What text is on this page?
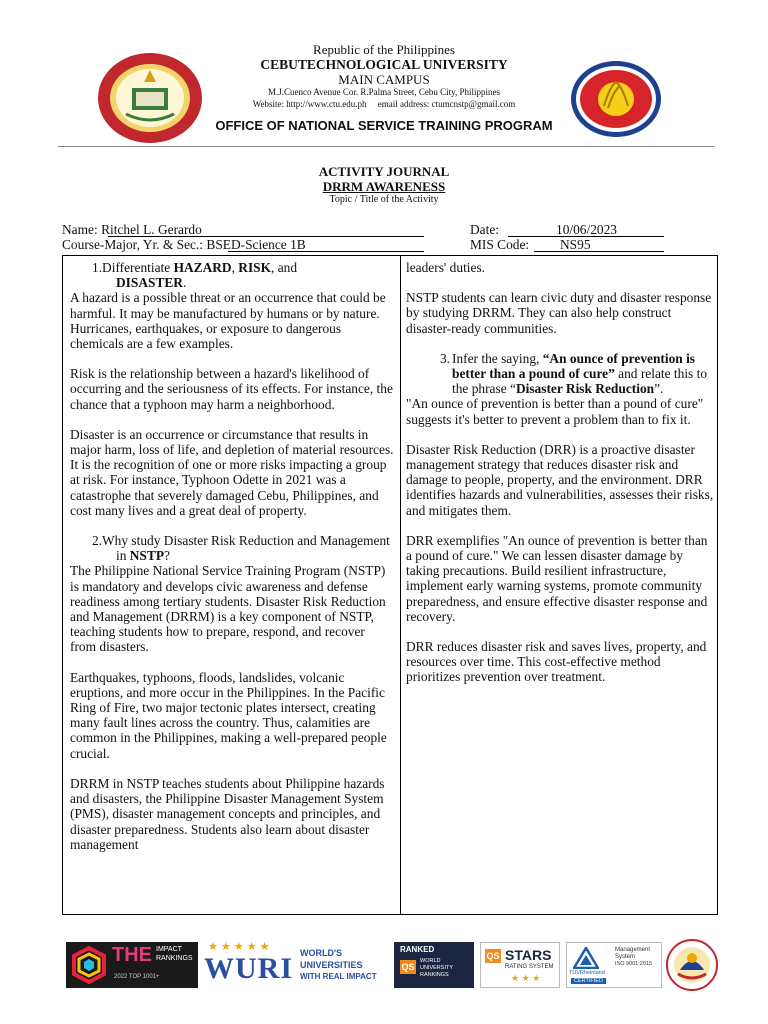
Republic of the Philippines
CEBUTECHNOLOGICAL UNIVERSITY
MAIN CAMPUS
M.J.Cuenco Avenue Cor. R.Palma Street, Cebu City, Philippines
Website: http://www.ctu.edu.ph     email address: ctumcnstp@gmail.com
OFFICE OF NATIONAL SERVICE TRAINING PROGRAM
ACTIVITY JOURNAL
DRRM AWARENESS
Topic / Title of the Activity
Name: Ritchel L. Gerardo
Course-Major, Yr. & Sec.: BSED-Science 1B
Date:	10/06/2023
MIS Code: NS95
1.Differentiate HAZARD, RISK, and
DISASTER.

A hazard is a possible threat or an occurrence that could be harmful. It may be manufactured by humans or by nature. Hurricanes, earthquakes, or exposure to dangerous chemicals are a few examples.

Risk is the relationship between a hazard's likelihood of occurring and the seriousness of its effects. For instance, the chance that a typhoon may harm a neighborhood.

Disaster is an occurrence or circumstance that results in major harm, loss of life, and depletion of material resources. It is the recognition of one or more risks impacting a group at risk. For instance, Typhoon Odette in 2021 was a catastrophe that severely damaged Cebu, Philippines, and cost many lives and a great deal of property.

2.Why study Disaster Risk Reduction and Management in NSTP?

The Philippine National Service Training Program (NSTP) is mandatory and develops civic awareness and defense readiness among tertiary students. Disaster Risk Reduction and Management (DRRM) is a key component of NSTP, teaching students how to prepare, respond, and recover from disasters.

Earthquakes, typhoons, floods, landslides, volcanic eruptions, and more occur in the Philippines. In the Pacific Ring of Fire, two major tectonic plates intersect, creating many fault lines across the country. Thus, calamities are common in the Philippines, making a well-prepared people crucial.

DRRM in NSTP teaches students about Philippine hazards and disasters, the Philippine Disaster Management System (PMS), disaster management concepts and principles, and disaster preparedness. Students also learn about disaster management

leaders' duties.

NSTP students can learn civic duty and disaster response by studying DRRM. They can also help construct disaster-ready communities.

3. Infer the saying, “An ounce of prevention is better than a pound of cure” and relate this to the phrase “Disaster Risk Reduction”.

"An ounce of prevention is better than a pound of cure" suggests it's better to prevent a problem than to fix it.

Disaster Risk Reduction (DRR) is a proactive disaster management strategy that reduces disaster risk and damage to people, property, and the environment. DRR identifies hazards and vulnerabilities, assesses their risks, and mitigates them.

DRR exemplifies "An ounce of prevention is better than a pound of cure." We can lessen disaster damage by taking precautions. Build resilient infrastructure, implement early warning systems, promote community preparedness, and ensure effective disaster response and recovery.

DRR reduces disaster risk and saves lives, property, and resources over time. This cost-effective method prioritizes prevention over treatment.

THE IMPACT
RANKINGS
2022 TOP 1001+
★ ★ ★ ★ ★
WURI WORLD'S
UNIVERSITIES
WITH REAL IMPACT
RANKED
QS
WORLD
UNIVERSITY
RANKINGS
QS STARS
RATING SYSTEM
★ ★ ★	TÜVRheinland
CERTIFIED
Management
System
ISO 9001:2015
